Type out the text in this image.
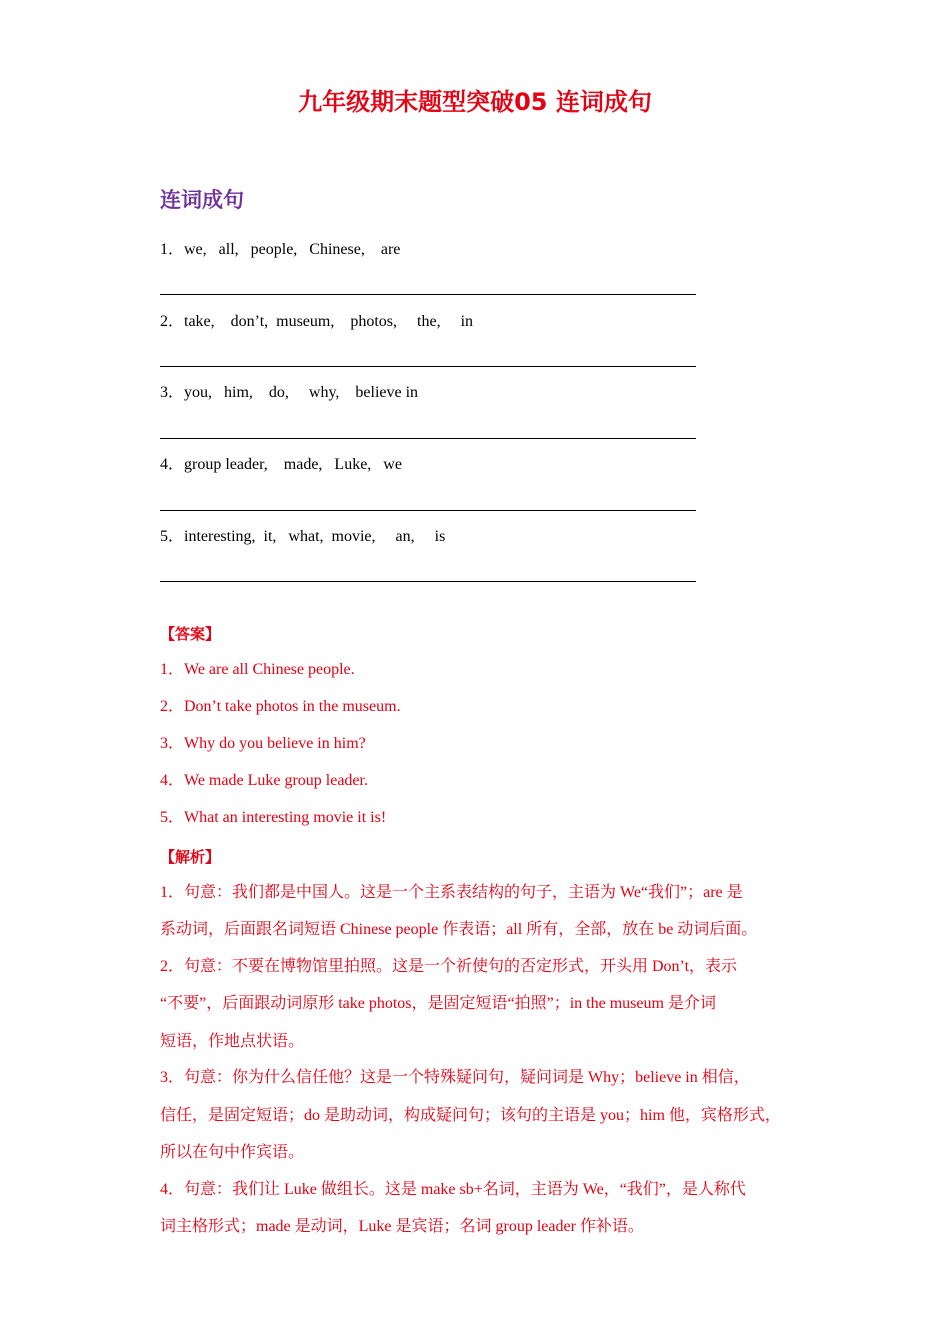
九年级期末题型突破05 连词成句
连词成句
1．we,   all,   people,   Chinese,    are
2．take,    don’t,  museum,    photos,     the,     in
3．you,   him,    do,     why,    believe in
4．group leader,    made,   Luke,   we
5．interesting,  it,   what,  movie,     an,     is
【答案】
1．We are all Chinese people.
2．Don’t take photos in the museum.
3．Why do you believe in him?
4．We made Luke group leader.
5．What an interesting movie it is!
【解析】
1．句意：我们都是中国人。这是一个主系表结构的句子，主语为 We“我们”；are 是
系动词，后面跟名词短语 Chinese people 作表语；all 所有，全部，放在 be 动词后面。
2．句意：不要在博物馆里拍照。这是一个祈使句的否定形式，开头用 Don’t，表示
“不要”，后面跟动词原形 take photos，是固定短语“拍照”；in the museum 是介词
短语，作地点状语。
3．句意：你为什么信任他？这是一个特殊疑问句，疑问词是 Why；believe in 相信，
信任，是固定短语；do 是助动词，构成疑问句；该句的主语是 you；him 他，宾格形式，
所以在句中作宾语。
4．句意：我们让 Luke 做组长。这是 make sb+名词，主语为 We，“我们”，是人称代
词主格形式；made 是动词，Luke 是宾语；名词 group leader 作补语。
